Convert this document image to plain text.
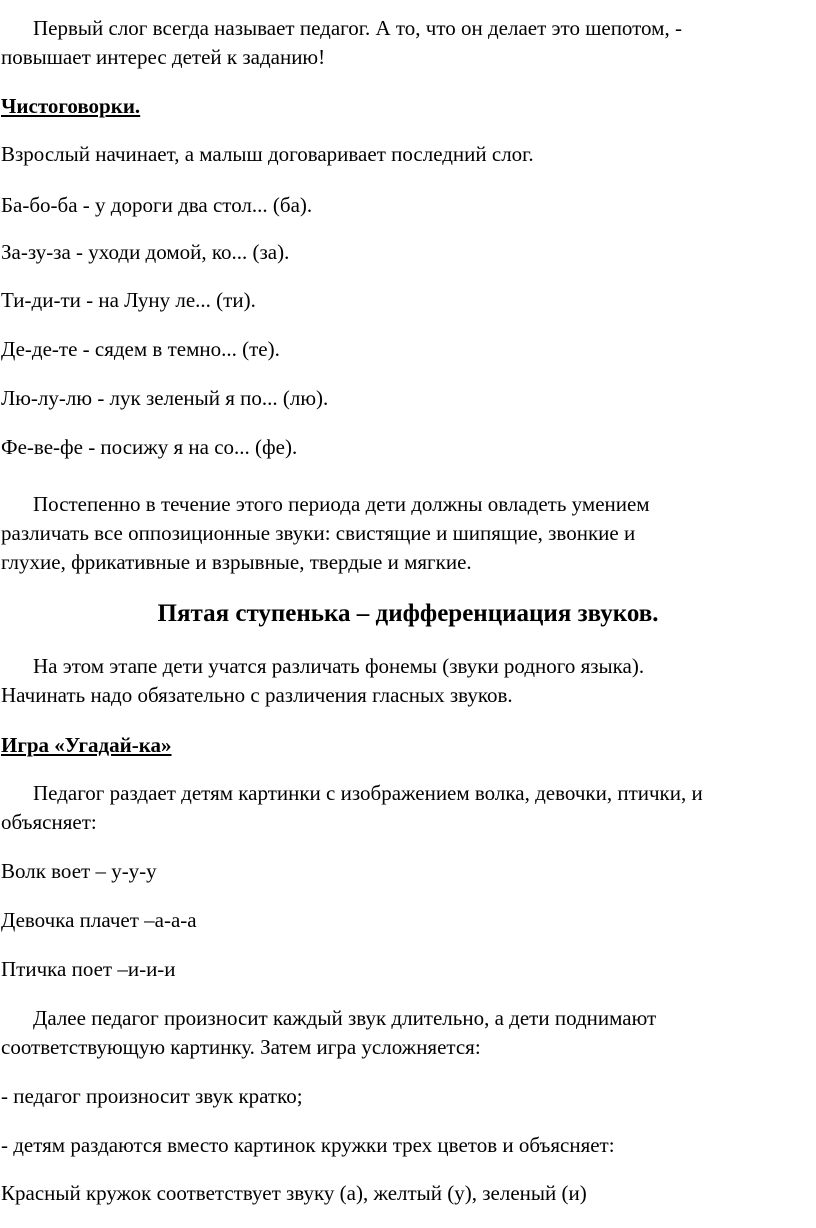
Первый слог всегда называет педагог. А то, что он делает это шепотом, -
повышает интерес детей к заданию!

Чистоговорки.

Взрослый начинает, а малыш договаривает последний слог.

Ба-бо-ба - у дороги два стол... (ба).

За-зу-за - уходи домой, ко... (за).

Ти-ди-ти - на Луну ле... (ти).

Де-де-те - сядем в темно... (те).

Лю-лу-лю - лук зеленый я по... (лю).

Фе-ве-фе - посижу я на со... (фе).

Постепенно в течение этого периода дети должны овладеть умением
различать все оппозиционные звуки: свистящие и шипящие, звонкие и
глухие, фрикативные и взрывные, твердые и мягкие.

Пятая ступенька – дифференциация звуков.

На этом этапе дети учатся различать фонемы (звуки родного языка).
Начинать надо обязательно с различения гласных звуков.

Игра «Угадай-ка»

Педагог раздает детям картинки с изображением волка, девочки, птички, и
объясняет:

Волк воет – у-у-у

Девочка плачет –а-а-а

Птичка поет –и-и-и

Далее педагог произносит каждый звук длительно, а дети поднимают
соответствующую картинку. Затем игра усложняется:

- педагог произносит звук кратко;

- детям раздаются вместо картинок кружки трех цветов и объясняет:

Красный кружок соответствует звуку (а), желтый (у), зеленый (и)
